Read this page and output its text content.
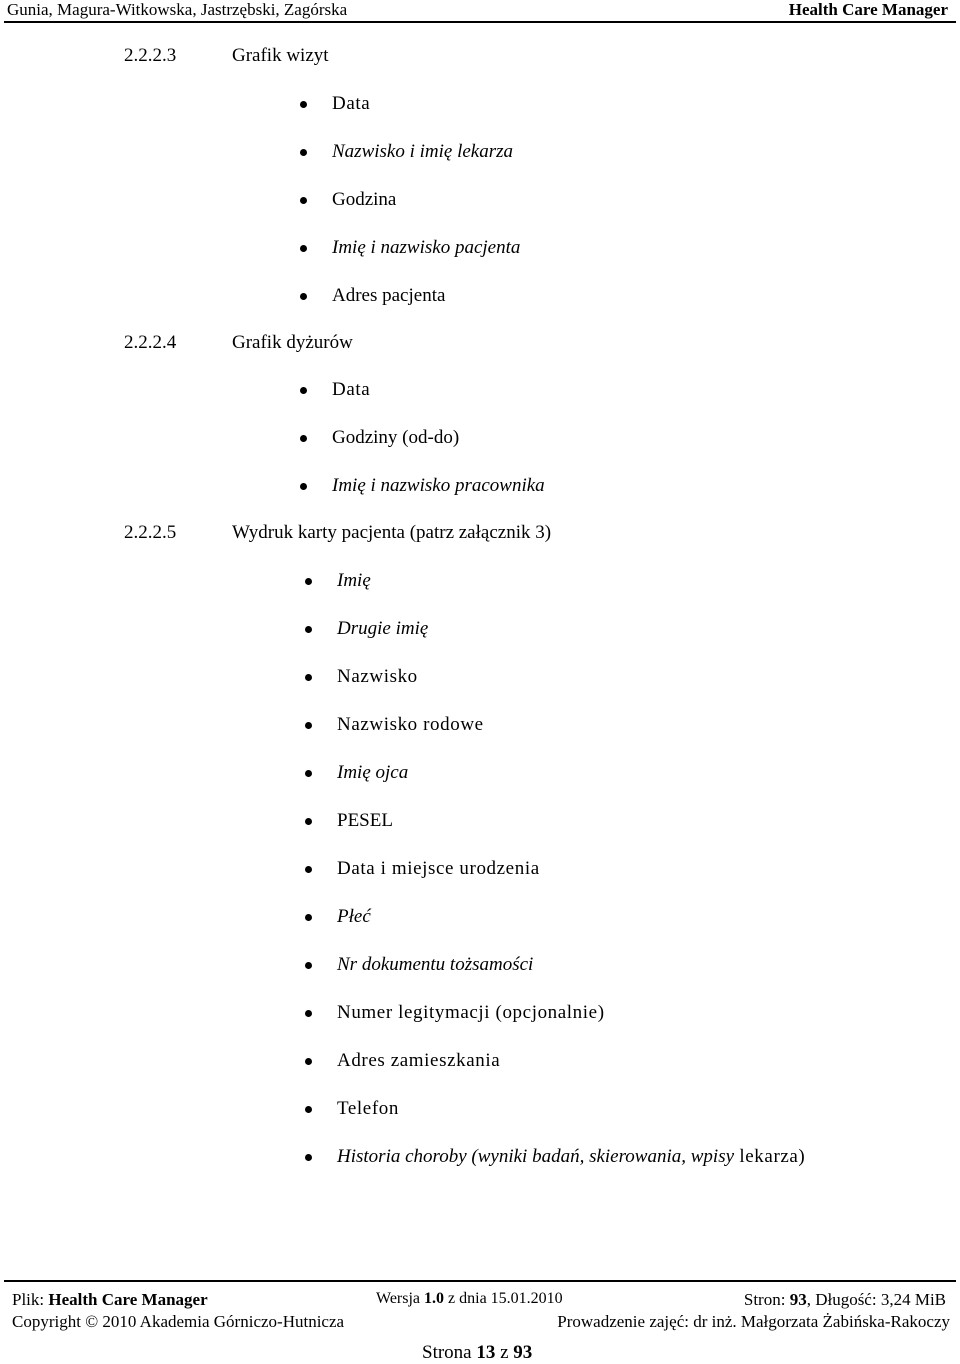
Gunia, Magura-Witkowska, Jastrzębski, Zagórska	Health Care Manager
2.2.2.3	Grafik wizyt
Data
Nazwisko i imię lekarza
Godzina
Imię i nazwisko pacjenta
Adres pacjenta
2.2.2.4	Grafik dyżurów
Data
Godziny (od-do)
Imię i nazwisko pracownika
2.2.2.5	Wydruk karty pacjenta (patrz załącznik 3)
Imię
Drugie imię
Nazwisko
Nazwisko rodowe
Imię ojca
PESEL
Data i miejsce urodzenia
Płeć
Nr dokumentu tożsamości
Numer legitymacji (opcjonalnie)
Adres zamieszkania
Telefon
Historia choroby (wyniki badań, skierowania, wpisy lekarza)
Plik: Health Care Manager	Wersja 1.0 z dnia 15.01.2010	Stron: 93, Długość: 3,24 MiB
Copyright © 2010 Akademia Górniczo-Hutnicza	Prowadzenie zajęć: dr inż. Małgorzata Żabińska-Rakoczy
Strona 13 z 93
